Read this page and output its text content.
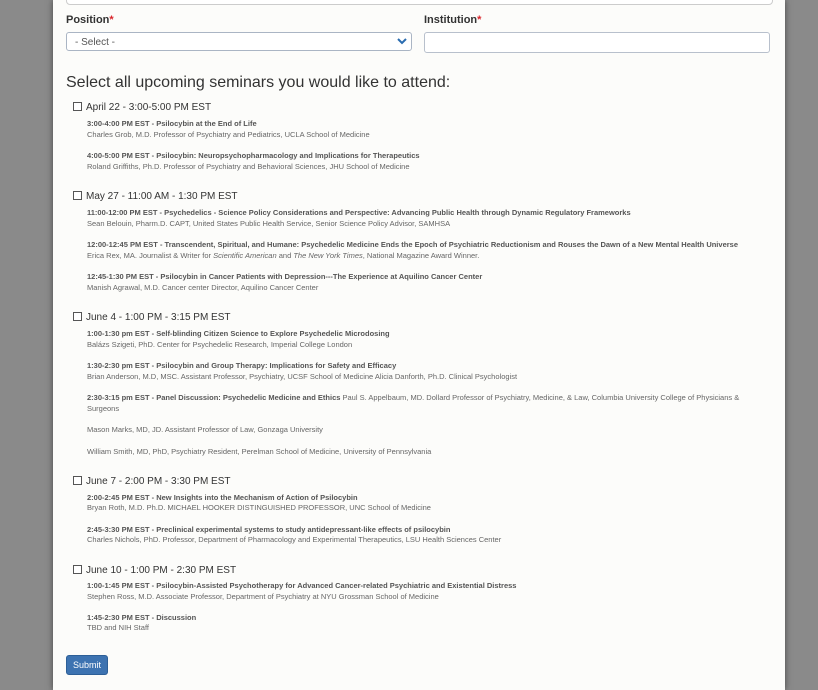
Position*	Institution*
- Select -
Select all upcoming seminars you would like to attend:
April 22 - 3:00-5:00 PM EST
3:00-4:00 PM EST - Psilocybin at the End of Life
Charles Grob, M.D. Professor of Psychiatry and Pediatrics, UCLA School of Medicine
4:00-5:00 PM EST - Psilocybin: Neuropsychopharmacology and Implications for Therapeutics
Roland Griffiths, Ph.D. Professor of Psychiatry and Behavioral Sciences, JHU School of Medicine
May 27 - 11:00 AM - 1:30 PM EST
11:00-12:00 PM EST - Psychedelics - Science Policy Considerations and Perspective: Advancing Public Health through Dynamic Regulatory Frameworks
Sean Belouin, Pharm.D. CAPT, United States Public Health Service, Senior Science Policy Advisor, SAMHSA
12:00-12:45 PM EST - Transcendent, Spiritual, and Humane: Psychedelic Medicine Ends the Epoch of Psychiatric Reductionism and Rouses the Dawn of a New Mental Health Universe
Erica Rex, MA. Journalist & Writer for Scientific American and The New York Times, National Magazine Award Winner.
12:45-1:30 PM EST - Psilocybin in Cancer Patients with Depression---The Experience at Aquilino Cancer Center
Manish Agrawal, M.D. Cancer center Director, Aquilino Cancer Center
June 4 - 1:00 PM - 3:15 PM EST
1:00-1:30 pm EST - Self-blinding Citizen Science to Explore Psychedelic Microdosing
Balázs Szigeti, PhD. Center for Psychedelic Research, Imperial College London
1:30-2:30 pm EST - Psilocybin and Group Therapy: Implications for Safety and Efficacy
Brian Anderson, M.D, MSC. Assistant Professor, Psychiatry, UCSF School of Medicine Alicia Danforth, Ph.D. Clinical Psychologist
2:30-3:15 pm EST - Panel Discussion: Psychedelic Medicine and Ethics Paul S. Appelbaum, MD. Dollard Professor of Psychiatry, Medicine, & Law, Columbia University College of Physicians &
Surgeons
Mason Marks, MD, JD. Assistant Professor of Law, Gonzaga University
William Smith, MD, PhD, Psychiatry Resident, Perelman School of Medicine, University of Pennsylvania
June 7 - 2:00 PM - 3:30 PM EST
2:00-2:45 PM EST - New Insights into the Mechanism of Action of Psilocybin
Bryan Roth, M.D. Ph.D. MICHAEL HOOKER DISTINGUISHED PROFESSOR, UNC School of Medicine
2:45-3:30 PM EST - Preclinical experimental systems to study antidepressant-like effects of psilocybin
Charles Nichols, PhD. Professor, Department of Pharmacology and Experimental Therapeutics, LSU Health Sciences Center
June 10 - 1:00 PM - 2:30 PM EST
1:00-1:45 PM EST - Psilocybin-Assisted Psychotherapy for Advanced Cancer-related Psychiatric and Existential Distress
Stephen Ross, M.D. Associate Professor, Department of Psychiatry at NYU Grossman School of Medicine
1:45-2:30 PM EST - Discussion
TBD and NIH Staff
Submit
